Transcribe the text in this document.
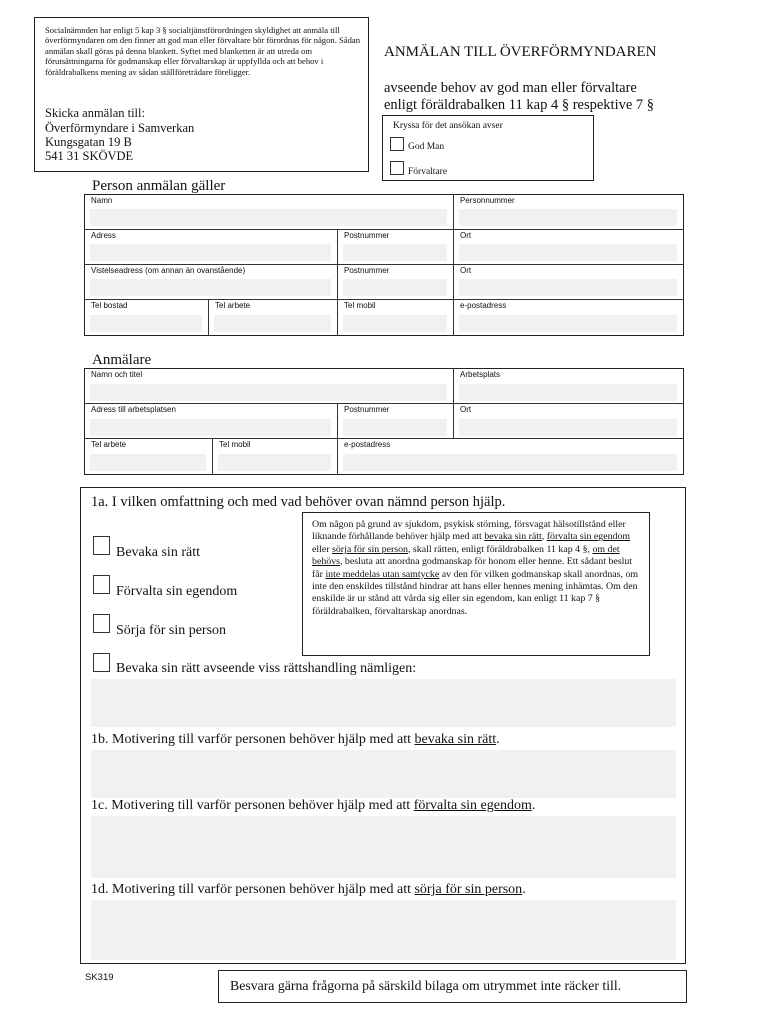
Socialnämnden har enligt 5 kap 3 § socialtjänstförordningen skyldighet att anmäla till överförmyndaren om den finner att god man eller förvaltare bör förordnas för någon. Sådan anmälan skall göras på denna blankett. Syftet med blanketten är att utreda om förutsättningarna för godmanskap eller förvaltarskap är uppfyllda och att behov i föräldrabalkens mening av sådan ställföreträdare föreligger.
Skicka anmälan till:
Överförmyndare i Samverkan
Kungsgatan 19 B
541 31 SKÖVDE
ANMÄLAN TILL ÖVERFÖRMYNDAREN
avseende behov av god man eller förvaltare
enligt föräldrabalken 11 kap 4 § respektive 7 §
Kryssa för det ansökan avser
God Man
Förvaltare
Person anmälan gäller
Namn	Personnummer
Adress	Postnummer	Ort
Vistelseadress (om annan än ovanstående)	Postnummer	Ort
Tel bostad	Tel arbete	Tel mobil	e-postadress
Anmälare
Namn och titel	Arbetsplats
Adress till arbetsplatsen	Postnummer	Ort
Tel arbete	Tel mobil	e-postadress
1a. I vilken omfattning och med vad behöver ovan nämnd person hjälp.
Bevaka sin rätt
Förvalta sin egendom
Sörja för sin person
Om någon på grund av sjukdom, psykisk störning, försvagat hälsotillstånd eller liknande förhållande behöver hjälp med att bevaka sin rätt, förvalta sin egendom eller sörja för sin person, skall rätten, enligt föräldrabalken 11 kap 4 §, om det behövs, besluta att anordna godmanskap för honom eller henne. Ett sådant beslut får inte meddelas utan samtycke av den för vilken godmanskap skall anordnas, om inte den enskildes tillstånd hindrar att hans eller hennes mening inhämtas. Om den enskilde är ur stånd att vårda sig eller sin egendom, kan enligt 11 kap 7 § föräldrabalken, förvaltarskap anordnas.
Bevaka sin rätt avseende viss rättshandling nämligen:
1b. Motivering till varför personen behöver hjälp med att bevaka sin rätt.
1c. Motivering till varför personen behöver hjälp med att förvalta sin egendom.
1d. Motivering till varför personen behöver hjälp med att sörja för sin person.
SK319
Besvara gärna frågorna på särskild bilaga om utrymmet inte räcker till.
